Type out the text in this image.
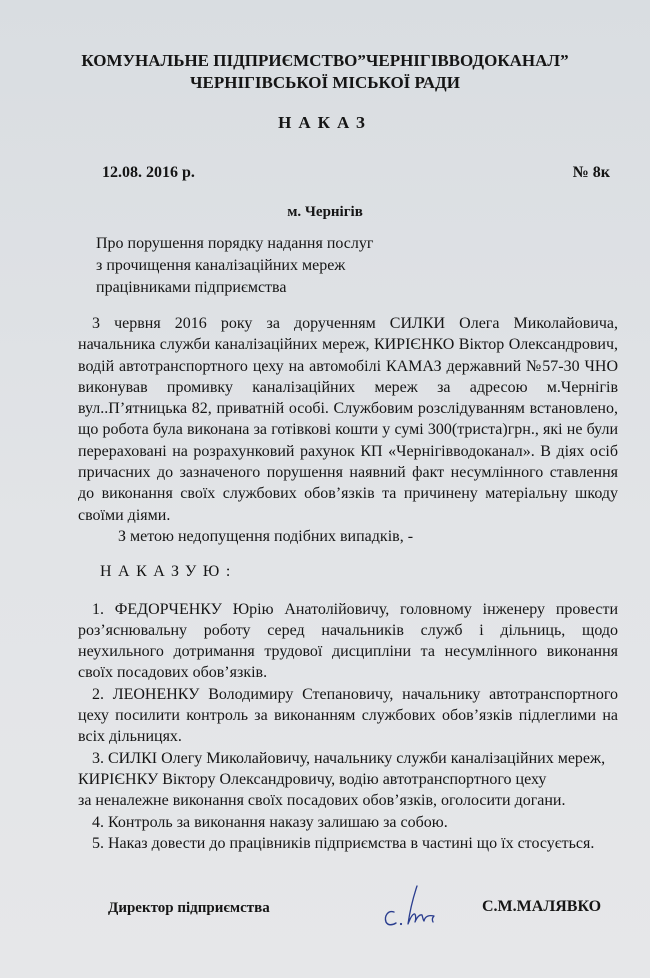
КОМУНАЛЬНЕ ПІДПРИЄМСТВО”ЧЕРНІГІВВОДОКАНАЛ”
ЧЕРНІГІВСЬКОЇ МІСЬКОЇ РАДИ
НАКАЗ
12.08. 2016 р.	№ 8к
м. Чернігів
Про порушення порядку надання послуг
з прочищення каналізаційних мереж
працівниками підприємства
3 червня 2016 року за дорученням СИЛКИ Олега Миколайовича, начальника служби каналізаційних мереж, КИРІЄНКО Віктор Олександрович, водій автотранспортного цеху на автомобілі КАМАЗ державний №57-30 ЧНО виконував промивку каналізаційних мереж за адресою м.Чернігів вул..П’ятницька 82, приватній особі. Службовим розслідуванням встановлено, що робота була виконана за готівкові кошти у сумі 300(триста)грн., які не були перераховані на розрахунковий рахунок КП «Чернігівводоканал». В діях осіб причасних до зазначеного порушення наявний факт несумлінного ставлення до виконання своїх службових обов’язків та причинену матеріальну шкоду своїми діями.
З метою недопущення подібних випадків, -
НАКАЗУЮ:
1. ФЕДОРЧЕНКУ Юрію Анатолійовичу, головному інженеру провести роз’яснювальну роботу серед начальників служб і дільниць, щодо неухильного дотримання трудової дисципліни та несумлінного виконання своїх посадових обов’язків.
2. ЛЕОНЕНКУ Володимиру Степановичу, начальнику автотранспортного цеху посилити контроль за виконанням службових обов’язків підлеглими на всіх дільницях.
3. СИЛКІ Олегу Миколайовичу, начальнику служби каналізаційних мереж, КИРІЄНКУ Віктору Олександровичу, водію автотранспортного цеху
за неналежне виконання своїх посадових обов’язків, оголосити догани.
4. Контроль за виконання наказу залишаю за собою.
5. Наказ довести до працівників підприємства в частині що їх стосується.
Директор підприємства	С.М.МАЛЯВКО
